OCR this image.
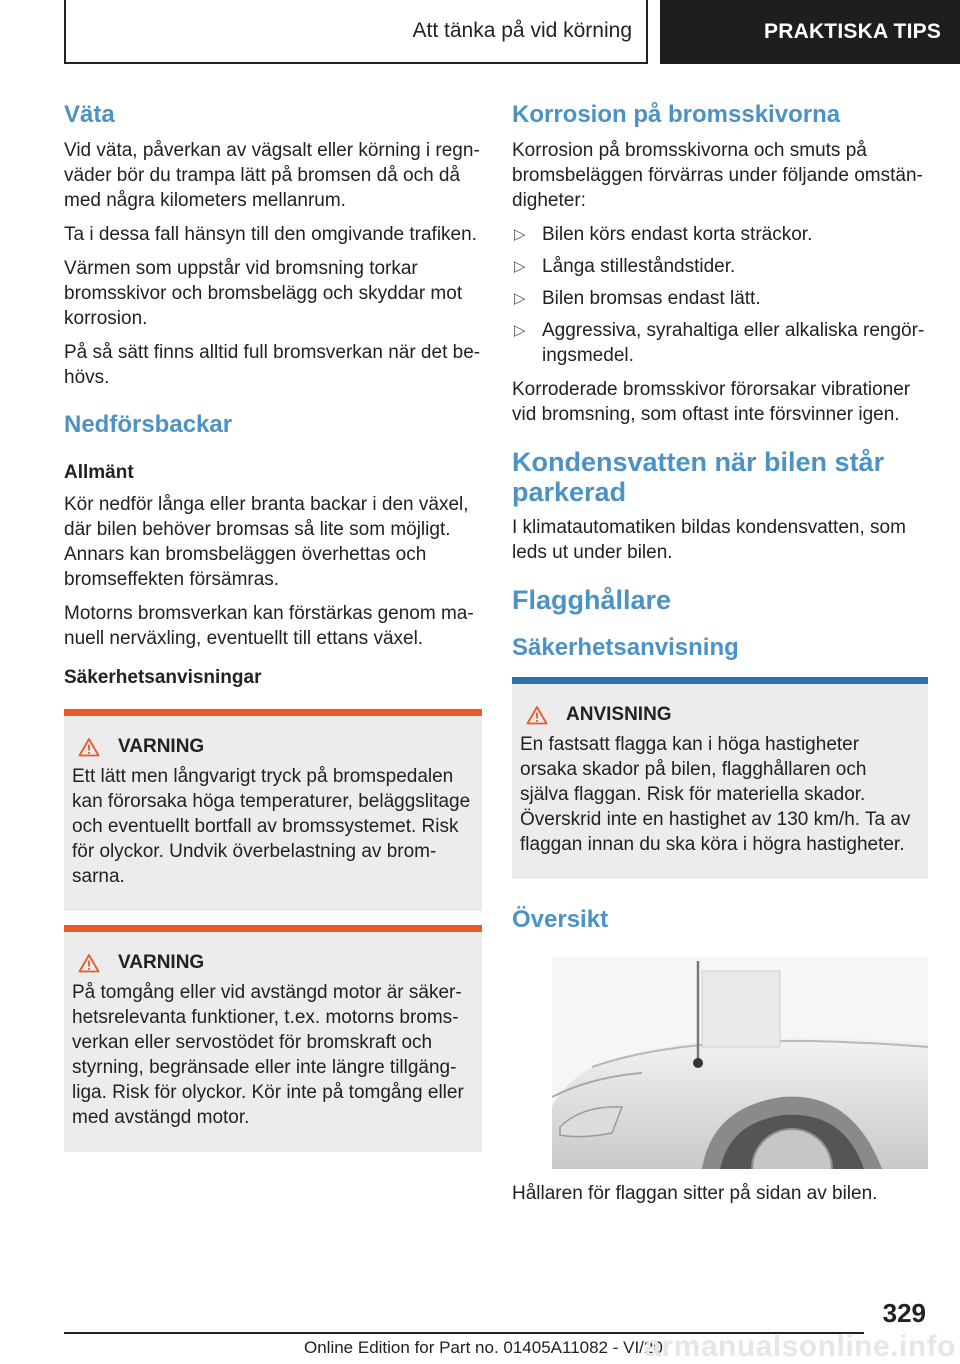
Att tänka på vid körning	PRAKTISKA TIPS
Väta

Vid väta, påverkan av vägsalt eller körning i regnväder bör du trampa lätt på bromsen då och då med några kilometers mellanrum.

Ta i dessa fall hänsyn till den omgivande trafiken.

Värmen som uppstår vid bromsning torkar bromsskivor och bromsbelägg och skyddar mot korrosion.

På så sätt finns alltid full bromsverkan när det behövs.

Nedförsbackar
Allmänt

Kör nedför långa eller branta backar i den växel, där bilen behöver bromsas så lite som möjligt. Annars kan bromsbeläggen överhettas och bromseffekten försämras.

Motorns bromsverkan kan förstärkas genom manuell nerväxling, eventuellt till ettans växel.

Säkerhetsanvisningar
VARNING

Ett lätt men långvarigt tryck på bromspedalen kan förorsaka höga temperaturer, beläggslitage och eventuellt bortfall av bromssystemet. Risk för olyckor. Undvik överbelastning av bromsarna.

VARNING

På tomgång eller vid avstängd motor är säkerhetsrelevanta funktioner, t.ex. motorns bromsverkan eller servostödet för bromskraft och styrning, begränsade eller inte längre tillgängliga. Risk för olyckor. Kör inte på tomgång eller med avstängd motor.

Korrosion på bromsskivorna

Korrosion på bromsskivorna och smuts på bromsbeläggen förvärras under följande omständigheter:

▷ Bilen körs endast korta sträckor.
▷ Långa stilleståndstider.
▷ Bilen bromsas endast lätt.
▷ Aggressiva, syrahaltiga eller alkaliska rengöringsmedel.

Korroderade bromsskivor förorsakar vibrationer vid bromsning, som oftast inte försvinner igen.

Kondensvatten när bilen står parkerad

I klimatautomatiken bildas kondensvatten, som leds ut under bilen.

Flagghållare
Säkerhetsanvisning
ANVISNING

En fastsatt flagga kan i höga hastigheter orsaka skador på bilen, flagghållaren och själva flaggan. Risk för materiella skador. Överskrid inte en hastighet av 130 km/h. Ta av flaggan innan du ska köra i högra hastigheter.

Översikt

Hållaren för flaggan sitter på sidan av bilen.

329
Online Edition for Part no. 01405A11082 - VI/20
armanualsonline.info
